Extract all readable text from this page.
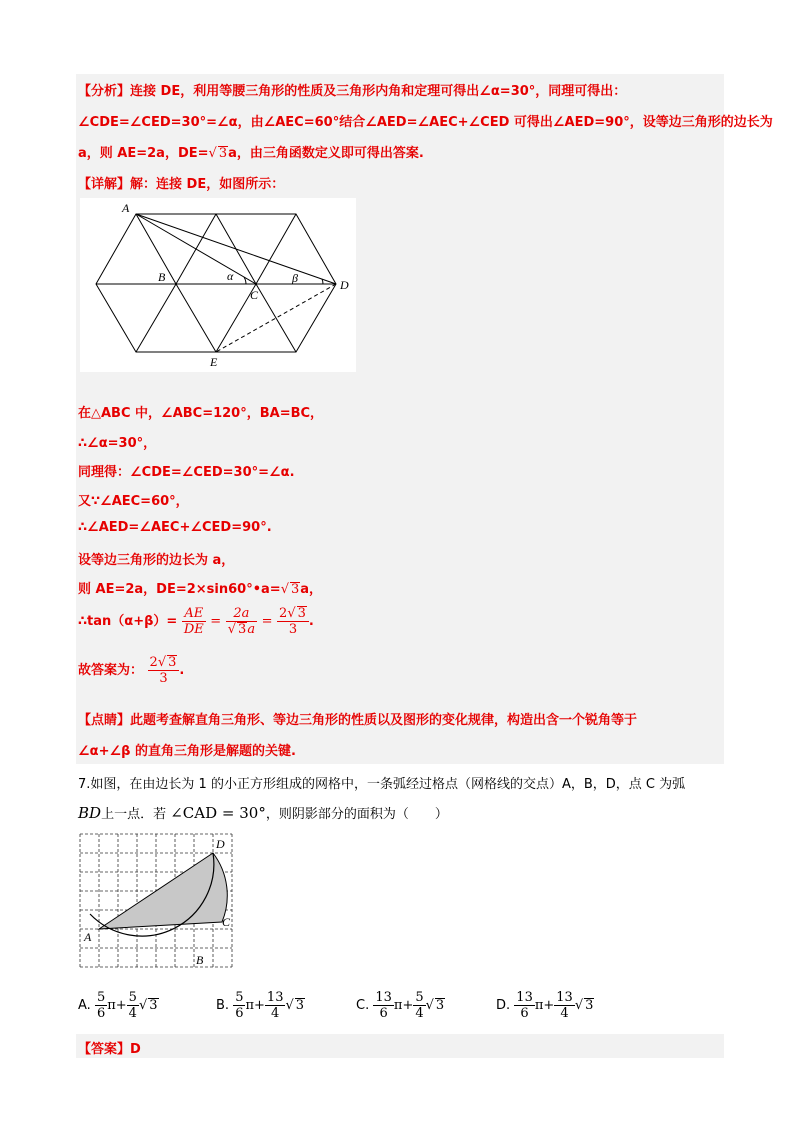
【分析】连接 DE，利用等腰三角形的性质及三角形内角和定理可得出∠α=30°，同理可得出：
∠CDE=∠CED=30°=∠α，由∠AEC=60°结合∠AED=∠AEC+∠CED 可得出∠AED=90°，设等边三角形的边长为
a，则 AE=2a，DE=√ 3a，由三角函数定义即可得出答案.
【详解】解：连接 DE，如图所示：
A
B
C
D
E
α	β
在△ABC 中，∠ABC=120°，BA=BC，
∴∠α=30°，
同理得：∠CDE=∠CED=30°=∠α.
又∵∠AEC=60°，
∴∠AED=∠AEC+∠CED=90°.
设等边三角形的边长为 a，
则 AE=2a，DE=2×sin60°•a=√ 3a，
∴tan（α+β）= $\frac{AE}{DE} = \frac{2a}{√ 3a} = \frac{2√ 3}{3}$ .
故答案为： $\frac{2√ 3}{3}$ .
【点睛】此题考查解直角三角形、等边三角形的性质以及图形的变化规律，构造出含一个锐角等于
∠α+∠β 的直角三角形是解题的关键.
7.如图，在由边长为 1 的小正方形组成的网格中，一条弧经过格点（网格线的交点）A，B，D，点 C 为弧
BD上一点．若 ∠CAD = 30°，则阴影部分的面积为（　　）
A
B
C
D
A. $\frac{5}{6} \pi+ \frac{5}{4}$ √ 3	B. $\frac{5}{6} \pi+ \frac{13}{4}$ √ 3	C. $\frac{13}{6} \pi+ \frac{5}{4}$ √ 3	D. $\frac{13}{6} \pi+ \frac{13}{4}$ √ 3
【答案】D
